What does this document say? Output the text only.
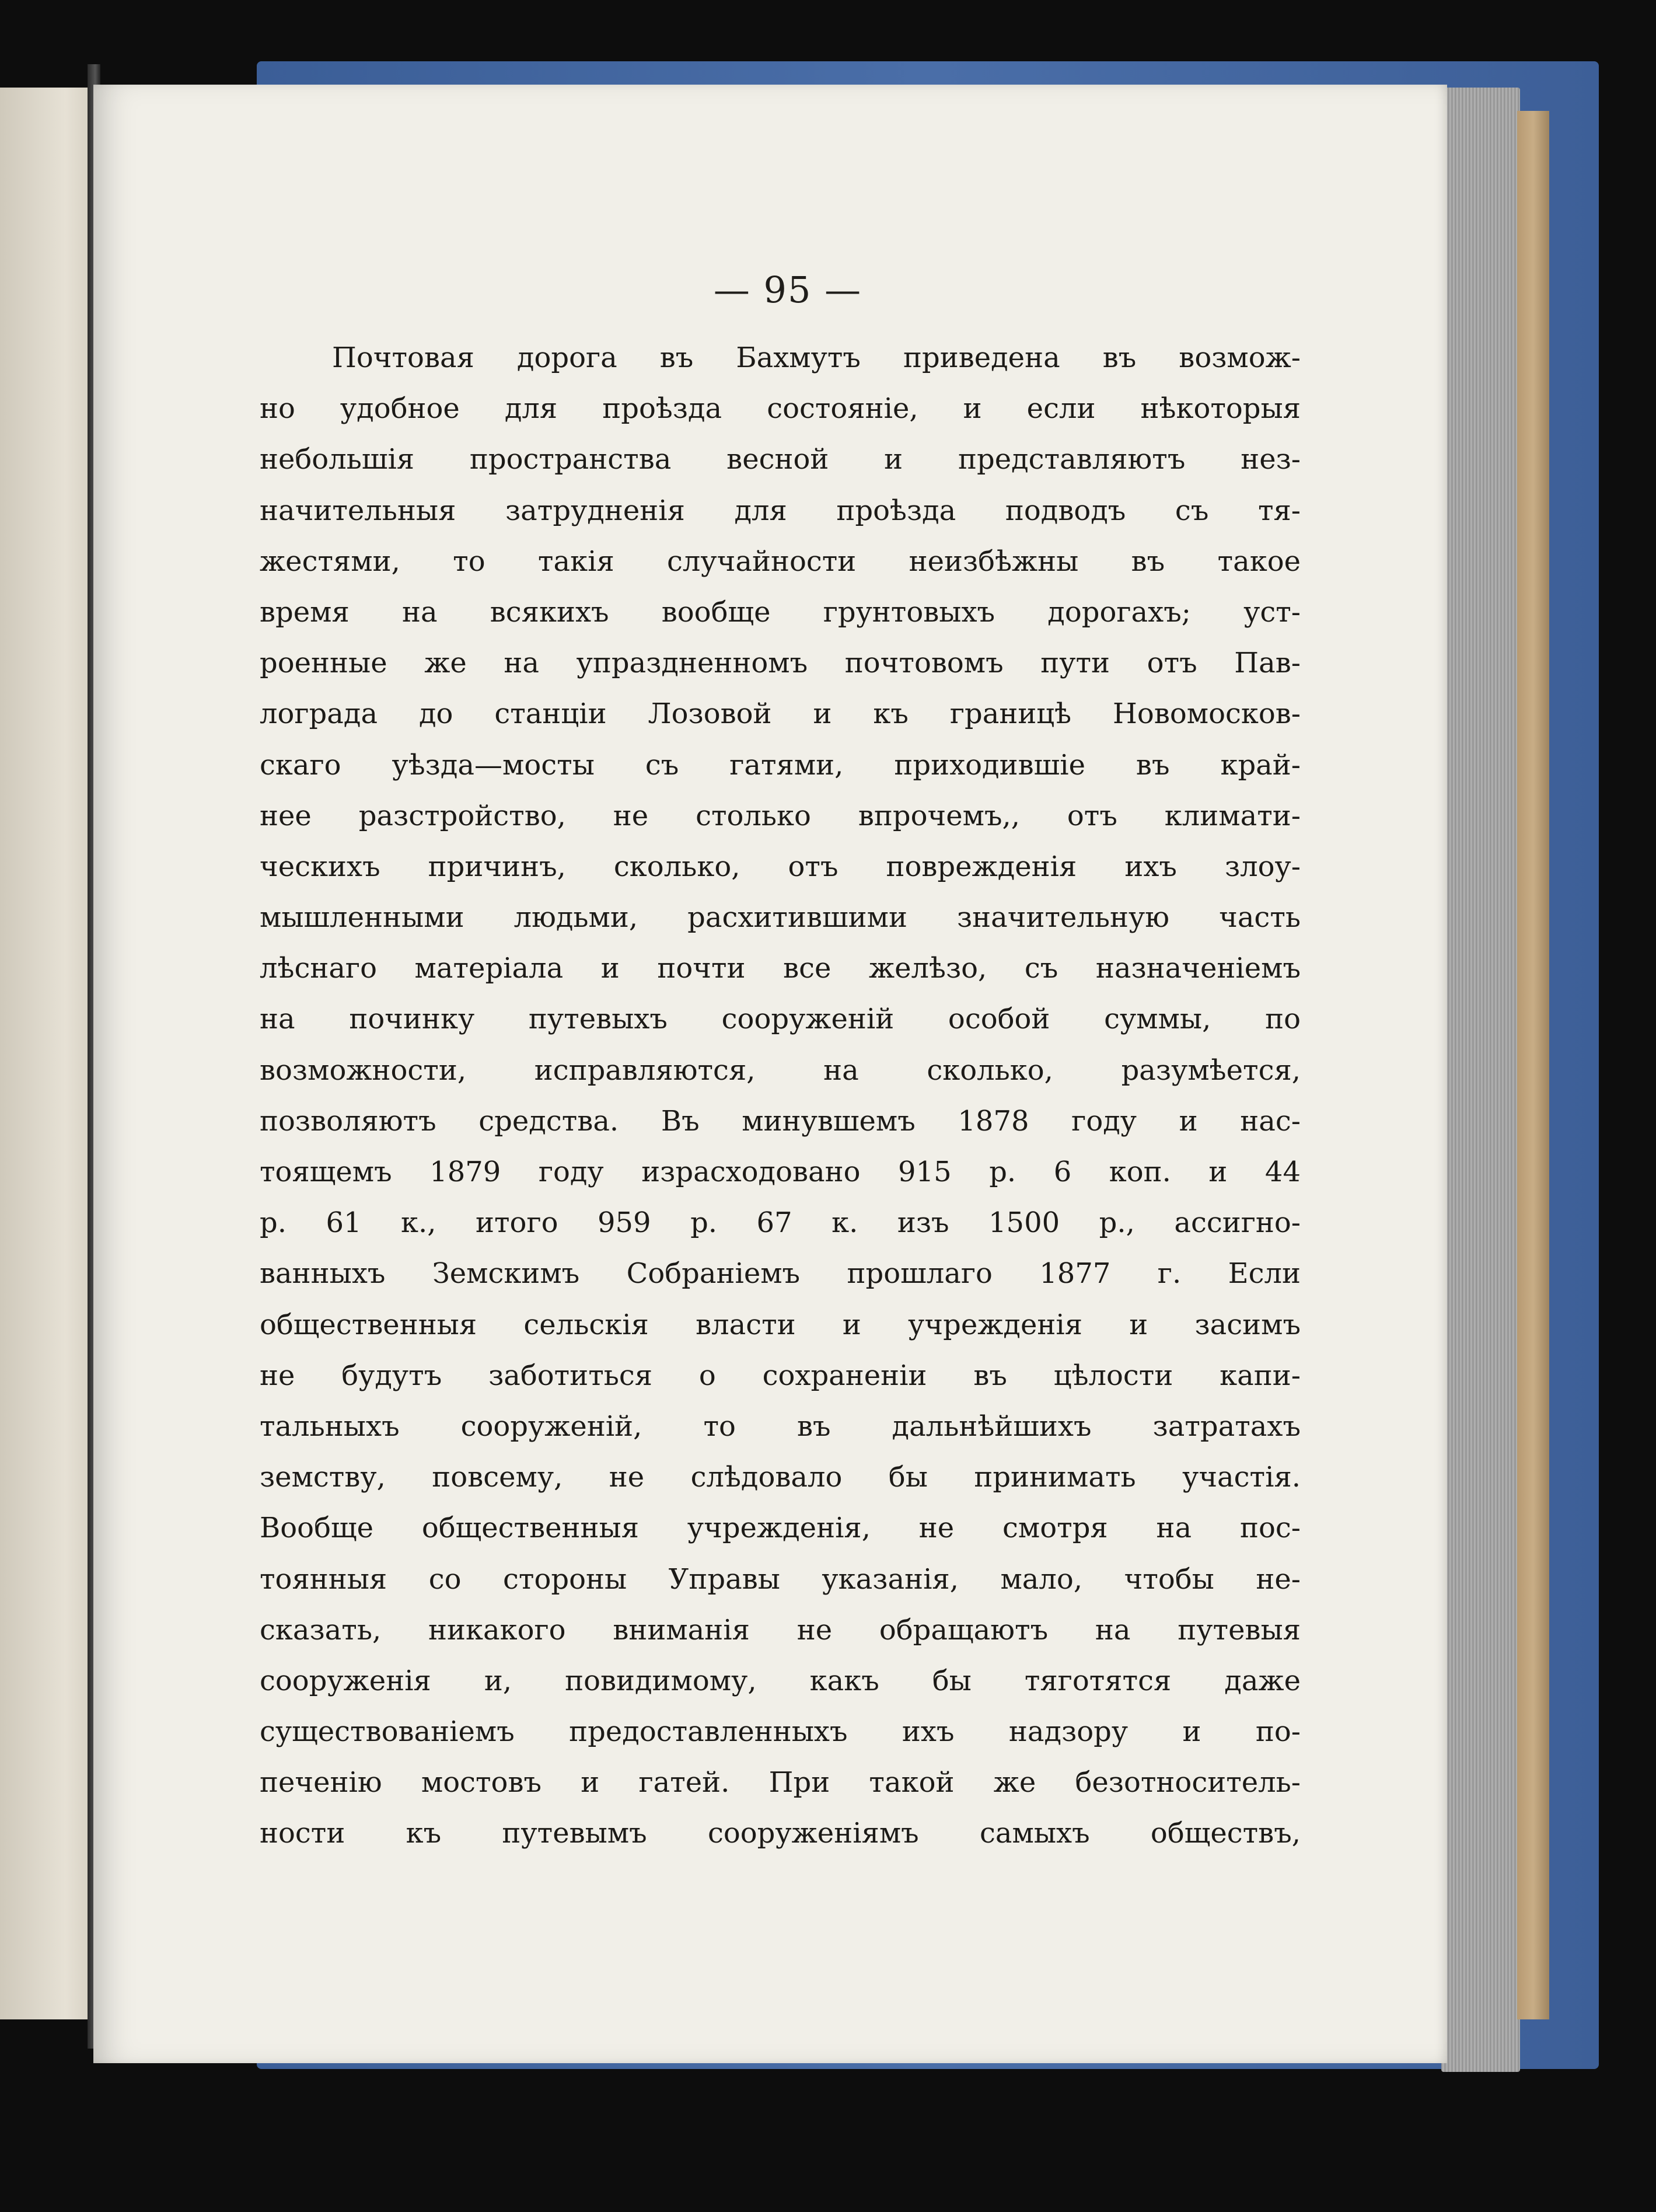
— 95 —

Почтовая дорога въ Бахмутъ приведена въ возмож-
но удобное для проѣзда состояніе, и если нѣкоторыя
небольшія пространства весной и представляютъ нез-
начительныя затрудненія для проѣзда подводъ съ тя-
жестями, то такія случайности неизбѣжны въ такое
время на всякихъ вообще грунтовыхъ дорогахъ; уст-
роенные же на упраздненномъ почтовомъ пути отъ Пав-
лограда до станціи Лозовой и къ границѣ Новомосков-
скаго уѣзда—мосты съ гатями, приходившіе въ край-
нее разстройство, не столько впрочемъ,, отъ климати-
ческихъ причинъ, сколько, отъ поврежденія ихъ злоу-
мышленными людьми, расхитившими значительную часть
лѣснаго матеріала и почти все желѣзо, съ назначеніемъ
на починку путевыхъ сооруженій особой суммы, по
возможности, исправляются, на сколько, разумѣется,
позволяютъ средства. Въ минувшемъ 1878 году и нас-
тоящемъ 1879 году израсходовано 915 р. 6 коп. и 44
р. 61 к., итого 959 р. 67 к. изъ 1500 р., ассигно-
ванныхъ Земскимъ Собраніемъ прошлаго 1877 г. Если
общественныя сельскія власти и учрежденія и засимъ
не будутъ заботиться о сохраненіи въ цѣлости капи-
тальныхъ сооруженій, то въ дальнѣйшихъ затратахъ
земству, повсему, не слѣдовало бы принимать участія.
Вообще общественныя учрежденія, не смотря на пос-
тоянныя со стороны Управы указанія, мало, чтобы не-
сказать, никакого вниманія не обращаютъ на путевыя
сооруженія и, повидимому, какъ бы тяготятся даже
существованіемъ предоставленныхъ ихъ надзору и по-
печенію мостовъ и гатей. При такой же безотноситель-
ности къ путевымъ сооруженіямъ самыхъ обществъ,
